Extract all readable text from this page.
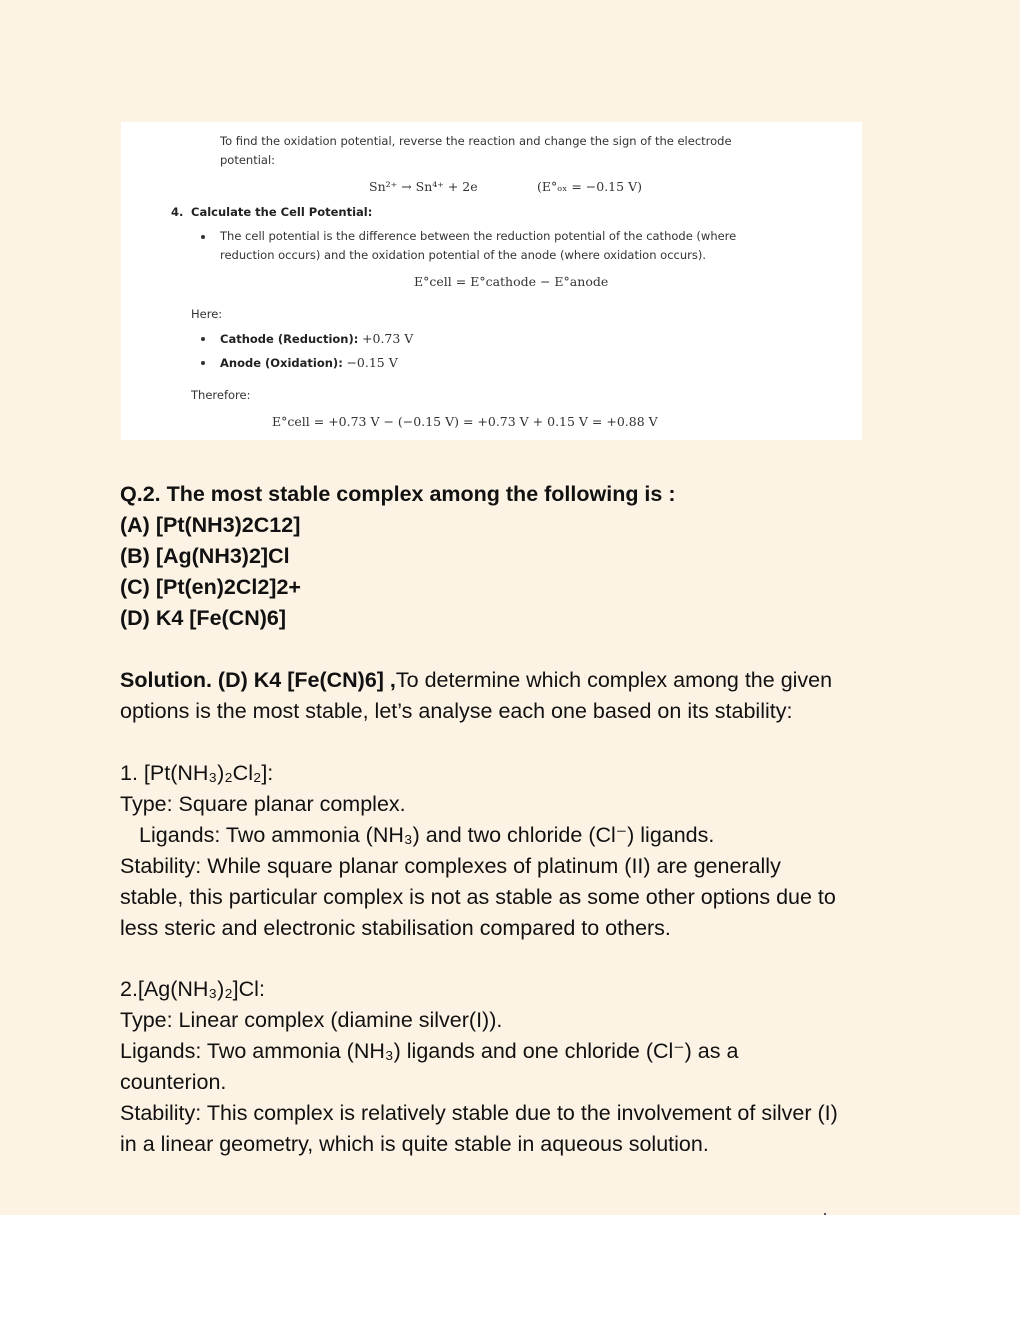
To find the oxidation potential, reverse the reaction and change the sign of the electrode
potential:
Sn²⁺ → Sn⁴⁺ + 2e	(E°ₒₓ = −0.15 V)
4. Calculate the Cell Potential:
The cell potential is the difference between the reduction potential of the cathode (where
reduction occurs) and the oxidation potential of the anode (where oxidation occurs).
E°cell = E°cathode − E°anode
Here:
Cathode (Reduction): +0.73 V
Anode (Oxidation): −0.15 V
Therefore:
E°cell = +0.73 V − (−0.15 V) = +0.73 V + 0.15 V = +0.88 V
Q.2. The most stable complex among the following is :
(A) [Pt(NH3)2C12]
(B) [Ag(NH3)2]Cl
(C) [Pt(en)2Cl2]2+
(D) K4 [Fe(CN)6]
Solution. (D) K4 [Fe(CN)6] ,To determine which complex among the given
options is the most stable, let’s analyse each one based on its stability:
1. [Pt(NH₃)₂Cl₂]:
Type: Square planar complex.
Ligands: Two ammonia (NH₃) and two chloride (Cl⁻) ligands.
Stability: While square planar complexes of platinum (II) are generally
stable, this particular complex is not as stable as some other options due to
less steric and electronic stabilisation compared to others.
2.[Ag(NH₃)₂]Cl:
Type: Linear complex (diamine silver(I)).
Ligands: Two ammonia (NH₃) ligands and one chloride (Cl⁻) as a
counterion.
Stability: This complex is relatively stable due to the involvement of silver (I)
in a linear geometry, which is quite stable in aqueous solution.
